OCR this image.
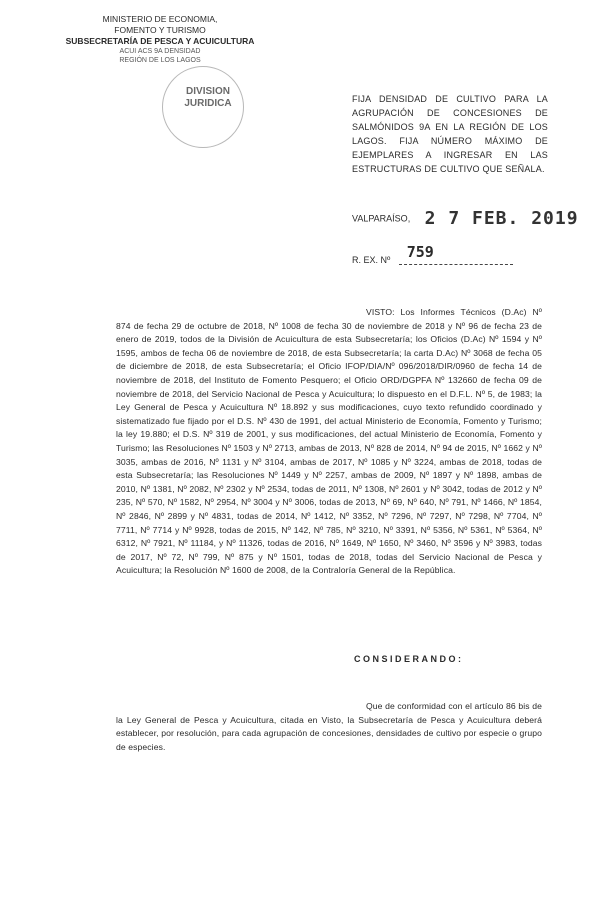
MINISTERIO DE ECONOMIA,
FOMENTO Y TURISMO
SUBSECRETARÍA DE PESCA Y ACUICULTURA
ACUI ACS 9A DENSIDAD
REGIÓN DE LOS LAGOS
DIVISION
JURIDICA	FIJA DENSIDAD DE CULTIVO PARA LA AGRUPACIÓN DE CONCESIONES DE SALMÓNIDOS 9A EN LA REGIÓN DE LOS LAGOS. FIJA NÚMERO MÁXIMO DE EJEMPLARES A INGRESAR EN LAS ESTRUCTURAS DE CULTIVO QUE SEÑALA.
VALPARAÍSO, 2 7 FEB. 2019
R. EX. Nº 759
VISTO: Los Informes Técnicos (D.Ac) Nº 874 de fecha 29 de octubre de 2018, Nº 1008 de fecha 30 de noviembre de 2018 y Nº 96 de fecha 23 de enero de 2019, todos de la División de Acuicultura de esta Subsecretaría; los Oficios (D.Ac) Nº 1594 y Nº 1595, ambos de fecha 06 de noviembre de 2018, de esta Subsecretaría; la carta D.Ac) Nº 3068 de fecha 05 de diciembre de 2018, de esta Subsecretaría; el Oficio IFOP/DIA/Nº 096/2018/DIR/0960 de fecha 14 de noviembre de 2018, del Instituto de Fomento Pesquero; el Oficio ORD/DGPFA Nº 132660 de fecha 09 de noviembre de 2018, del Servicio Nacional de Pesca y Acuicultura; lo dispuesto en el D.F.L. Nº 5, de 1983; la Ley General de Pesca y Acuicultura Nº 18.892 y sus modificaciones, cuyo texto refundido coordinado y sistematizado fue fijado por el D.S. Nº 430 de 1991, del actual Ministerio de Economía, Fomento y Turismo; la ley 19.880; el D.S. Nº 319 de 2001, y sus modificaciones, del actual Ministerio de Economía, Fomento y Turismo; las Resoluciones Nº 1503 y Nº 2713, ambas de 2013, Nº 828 de 2014, Nº 94 de 2015, Nº 1662 y Nº 3035, ambas de 2016, Nº 1131 y Nº 3104, ambas de 2017, Nº 1085 y Nº 3224, ambas de 2018, todas de esta Subsecretaría; las Resoluciones Nº 1449 y Nº 2257, ambas de 2009, Nº 1897 y Nº 1898, ambas de 2010, Nº 1381, Nº 2082, Nº 2302 y Nº 2534, todas de 2011, Nº 1308, Nº 2601 y Nº 3042, todas de 2012 y Nº 235, Nº 570, Nº 1582, Nº 2954, Nº 3004 y Nº 3006, todas de 2013, Nº 69, Nº 640, Nº 791, Nº 1466, Nº 1854, Nº 2846, Nº 2899 y Nº 4831, todas de 2014, Nº 1412, Nº 3352, Nº 7296, Nº 7297, Nº 7298, Nº 7704, Nº 7711, Nº 7714 y Nº 9928, todas de 2015, Nº 142, Nº 785, Nº 3210, Nº 3391, Nº 5356, Nº 5361, Nº 5364, Nº 6312, Nº 7921, Nº 11184, y Nº 11326, todas de 2016, Nº 1649, Nº 1650, Nº 3460, Nº 3596 y Nº 3983, todas de 2017, Nº 72, Nº 799, Nº 875 y Nº 1501, todas de 2018, todas del Servicio Nacional de Pesca y Acuicultura; la Resolución Nº 1600 de 2008, de la Contraloría General de la República.
CONSIDERANDO:
Que de conformidad con el artículo 86 bis de la Ley General de Pesca y Acuicultura, citada en Visto, la Subsecretaría de Pesca y Acuicultura deberá establecer, por resolución, para cada agrupación de concesiones, densidades de cultivo por especie o grupo de especies.
